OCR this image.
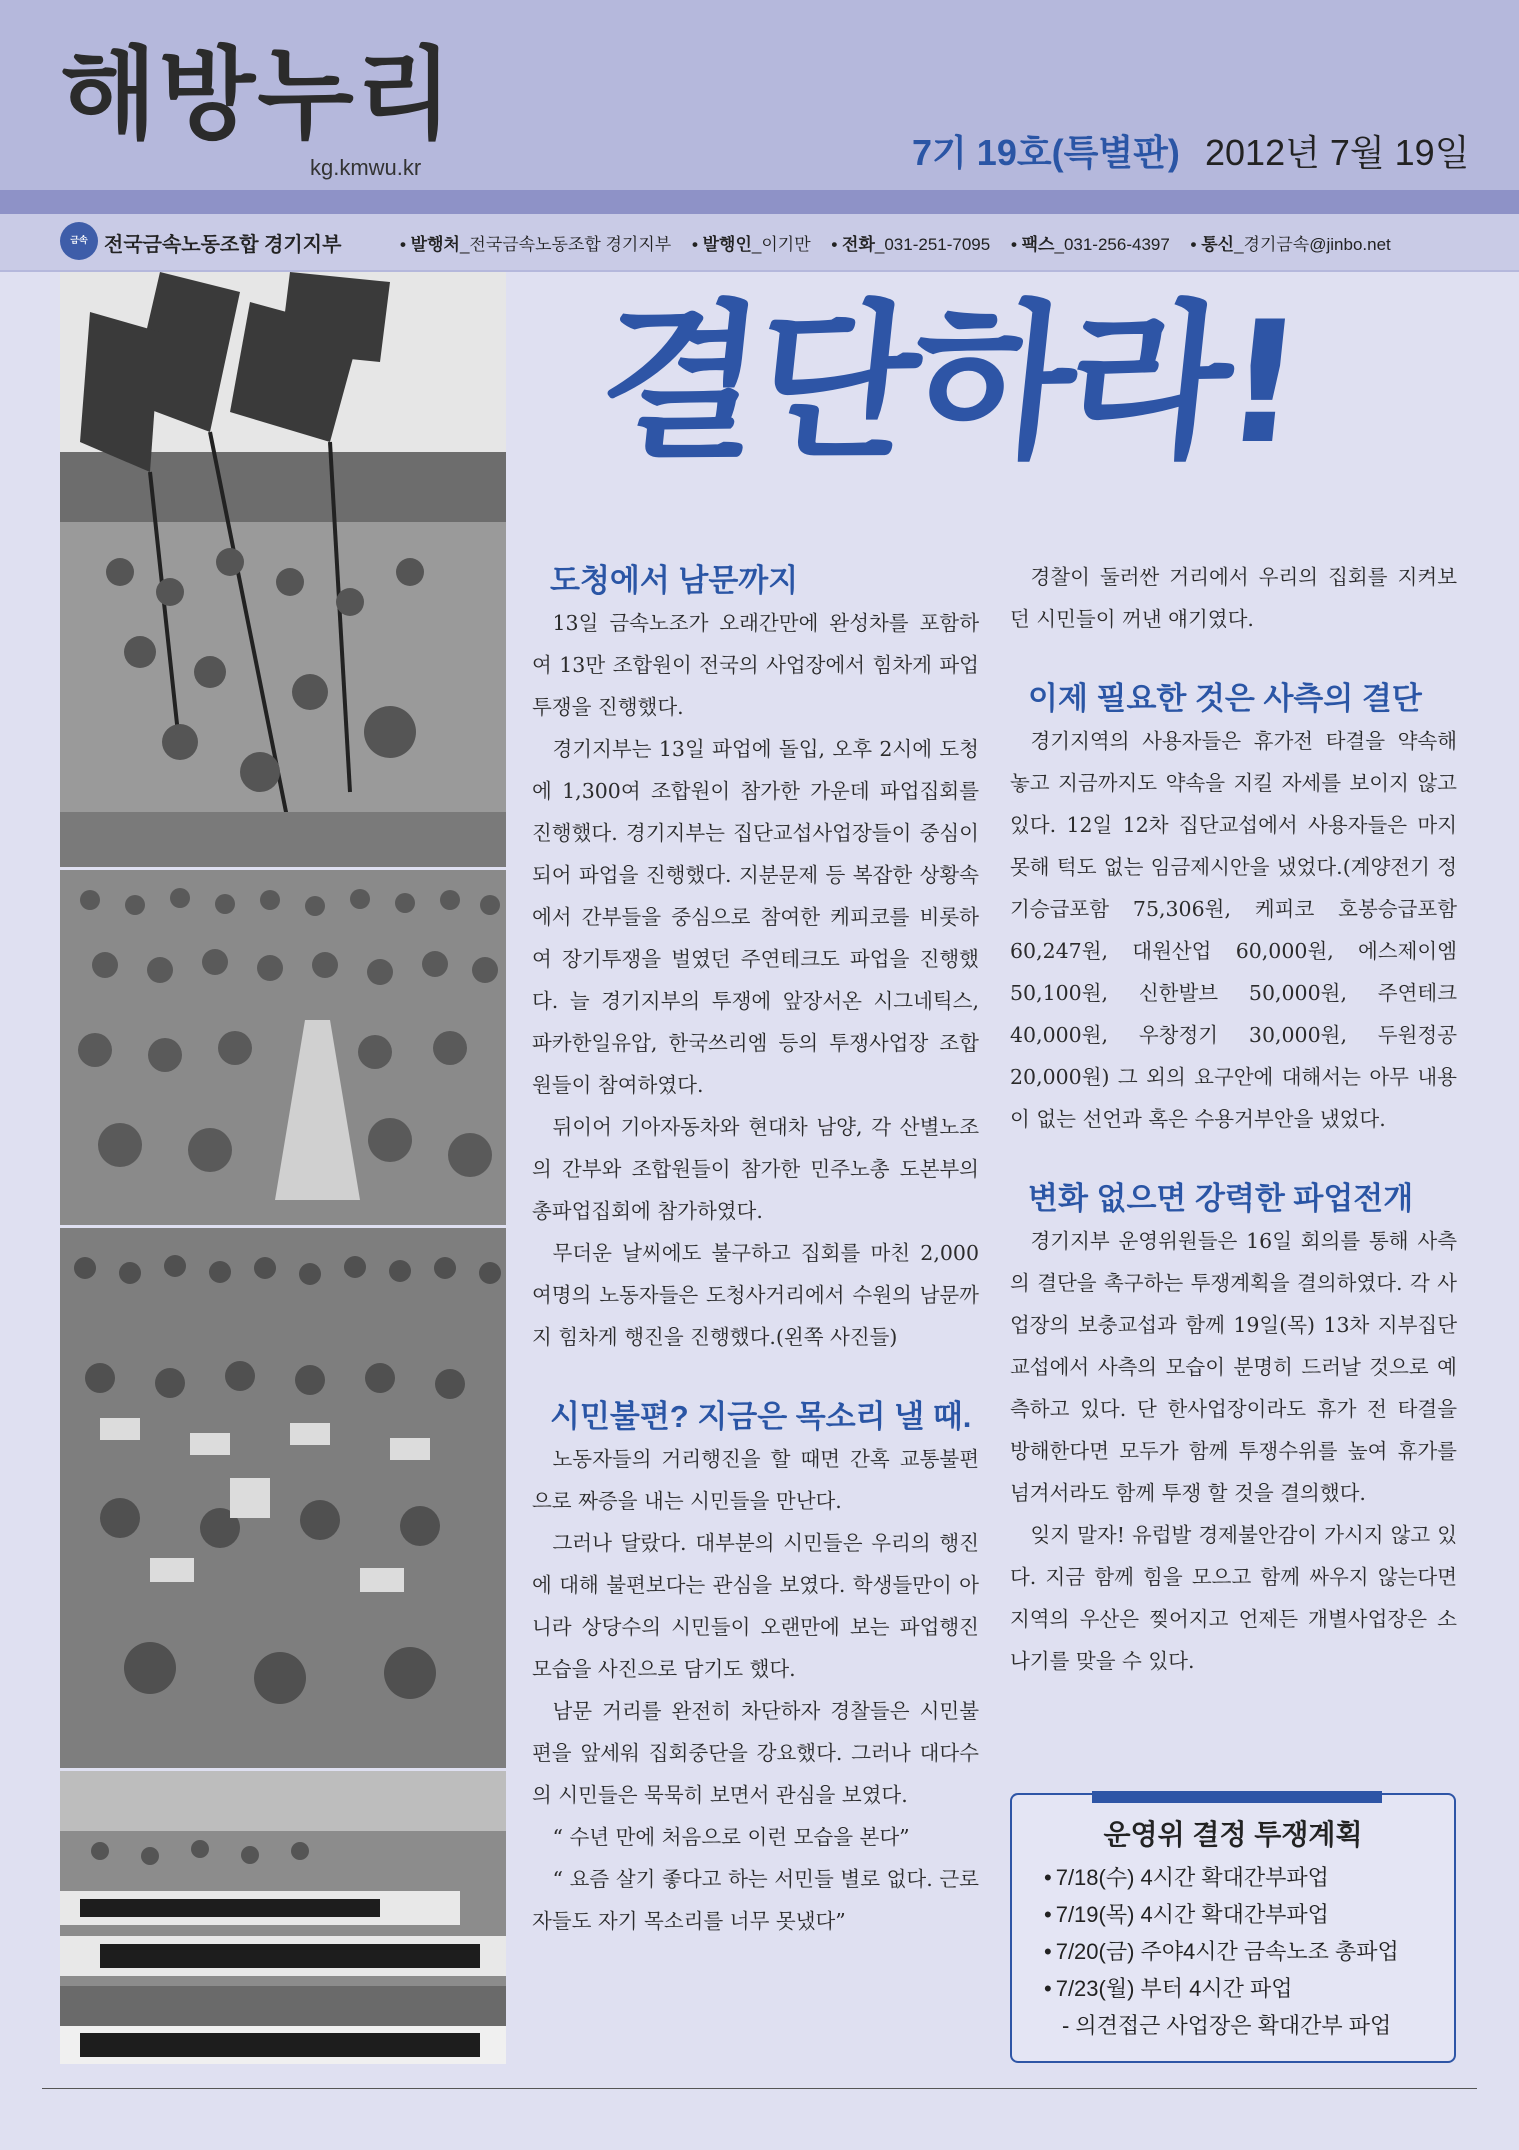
해방누리
kg.kmwu.kr	7기 19호(특별판) 2012년 7월 19일
금속 전국금속노동조합 경기지부	• 발행처_전국금속노동조합 경기지부 • 발행인_이기만 • 전화_031-251-7095 • 팩스_031-256-4397 • 통신_경기금속@jinbo.net
결단하라!
도청에서 남문까지

13일 금속노조가 오래간만에 완성차를 포함하여 13만 조합원이 전국의 사업장에서 힘차게 파업 투쟁을 진행했다.

경기지부는 13일 파업에 돌입, 오후 2시에 도청에 1,300여 조합원이 참가한 가운데 파업집회를 진행했다. 경기지부는 집단교섭사업장들이 중심이 되어 파업을 진행했다. 지분문제 등 복잡한 상황속에서 간부들을 중심으로 참여한 케피코를 비롯하여 장기투쟁을 벌였던 주연테크도 파업을 진행했다. 늘 경기지부의 투쟁에 앞장서온 시그네틱스, 파카한일유압, 한국쓰리엠 등의 투쟁사업장 조합원들이 참여하였다.

뒤이어 기아자동차와 현대차 남양, 각 산별노조의 간부와 조합원들이 참가한 민주노총 도본부의 총파업집회에 참가하였다.

무더운 날씨에도 불구하고 집회를 마친 2,000여명의 노동자들은 도청사거리에서 수원의 남문까지 힘차게 행진을 진행했다.(왼쪽 사진들)

시민불편? 지금은 목소리 낼 때.

노동자들의 거리행진을 할 때면 간혹 교통불편으로 짜증을 내는 시민들을 만난다.

그러나 달랐다. 대부분의 시민들은 우리의 행진에 대해 불편보다는 관심을 보였다. 학생들만이 아니라 상당수의 시민들이 오랜만에 보는 파업행진 모습을 사진으로 담기도 했다.

남문 거리를 완전히 차단하자 경찰들은 시민불편을 앞세워 집회중단을 강요했다. 그러나 대다수의 시민들은 묵묵히 보면서 관심을 보였다.

“ 수년 만에 처음으로 이런 모습을 본다”

“ 요즘 살기 좋다고 하는 서민들 별로 없다. 근로자들도 자기 목소리를 너무 못냈다”

경찰이 둘러싼 거리에서 우리의 집회를 지켜보던 시민들이 꺼낸 얘기였다.

이제 필요한 것은 사측의 결단

경기지역의 사용자들은 휴가전 타결을 약속해 놓고 지금까지도 약속을 지킬 자세를 보이지 않고 있다. 12일 12차 집단교섭에서 사용자들은 마지못해 턱도 없는 임금제시안을 냈었다.(계양전기 정기승급포함 75,306원, 케피코 호봉승급포함 60,247원, 대원산업 60,000원, 에스제이엠 50,100원, 신한발브 50,000원, 주연테크 40,000원, 우창정기 30,000원, 두원정공 20,000원) 그 외의 요구안에 대해서는 아무 내용이 없는 선언과 혹은 수용거부안을 냈었다.

변화 없으면 강력한 파업전개

경기지부 운영위원들은 16일 회의를 통해 사측의 결단을 촉구하는 투쟁계획을 결의하였다. 각 사업장의 보충교섭과 함께 19일(목) 13차 지부집단교섭에서 사측의 모습이 분명히 드러날 것으로 예측하고 있다. 단 한사업장이라도 휴가 전 타결을 방해한다면 모두가 함께 투쟁수위를 높여 휴가를 넘겨서라도 함께 투쟁 할 것을 결의했다.

잊지 말자! 유럽발 경제불안감이 가시지 않고 있다. 지금 함께 힘을 모으고 함께 싸우지 않는다면 지역의 우산은 찢어지고 언제든 개별사업장은 소나기를 맞을 수 있다.

운영위 결정 투쟁계획
• 7/18(수) 4시간 확대간부파업
• 7/19(목) 4시간 확대간부파업
• 7/20(금) 주야4시간 금속노조 총파업
• 7/23(월) 부터 4시간 파업
- 의견접근 사업장은 확대간부 파업
